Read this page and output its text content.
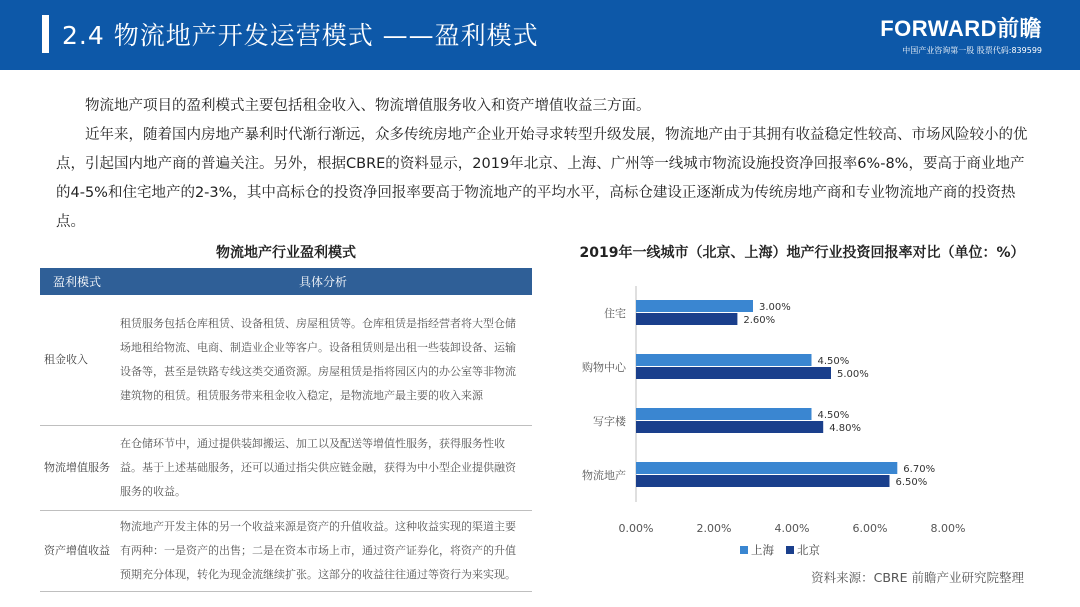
2.4 物流地产开发运营模式 ——盈利模式	FORWARD前瞻
中国产业咨询第一股 股票代码:839599

物流地产项目的盈利模式主要包括租金收入、物流增值服务收入和资产增值收益三方面。

近年来，随着国内房地产暴利时代渐行渐远，众多传统房地产企业开始寻求转型升级发展，物流地产由于其拥有收益稳定性较高、市场风险较小的优点，引起国内地产商的普遍关注。另外，根据CBRE的资料显示，2019年北京、上海、广州等一线城市物流设施投资净回报率6%-8%，要高于商业地产的4-5%和住宅地产的2-3%，其中高标仓的投资净回报率要高于物流地产的平均水平，高标仓建设正逐渐成为传统房地产商和专业物流地产商的投资热点。

物流地产行业盈利模式
盈利模式	具体分析
租金收入	租赁服务包括仓库租赁、设备租赁、房屋租赁等。仓库租赁是指经营者将大型仓储场地租给物流、电商、制造业企业等客户。设备租赁则是出租一些装卸设备、运输设备等，甚至是铁路专线这类交通资源。房屋租赁是指将园区内的办公室等非物流建筑物的租赁。租赁服务带来租金收入稳定，是物流地产最主要的收入来源
物流增值服务	在仓储环节中，通过提供装卸搬运、加工以及配送等增值性服务，获得服务性收益。基于上述基础服务，还可以通过指尖供应链金融，获得为中小型企业提供融资服务的收益。
资产增值收益	物流地产开发主体的另一个收益来源是资产的升值收益。这种收益实现的渠道主要有两种：一是资产的出售；二是在资本市场上市，通过资产证券化，将资产的升值预期充分体现，转化为现金流继续扩张。这部分的收益往往通过等资行为来实现。
2019年一线城市（北京、上海）地产行业投资回报率对比（单位：%）
住宅	3.00%
2.60%
购物中心	4.50%
5.00%
写字楼	4.50%
4.80%
物流地产	6.70%
6.50%
0.00%	2.00%	4.00%	6.00%	8.00%
上海 北京
资料来源：CBRE 前瞻产业研究院整理
